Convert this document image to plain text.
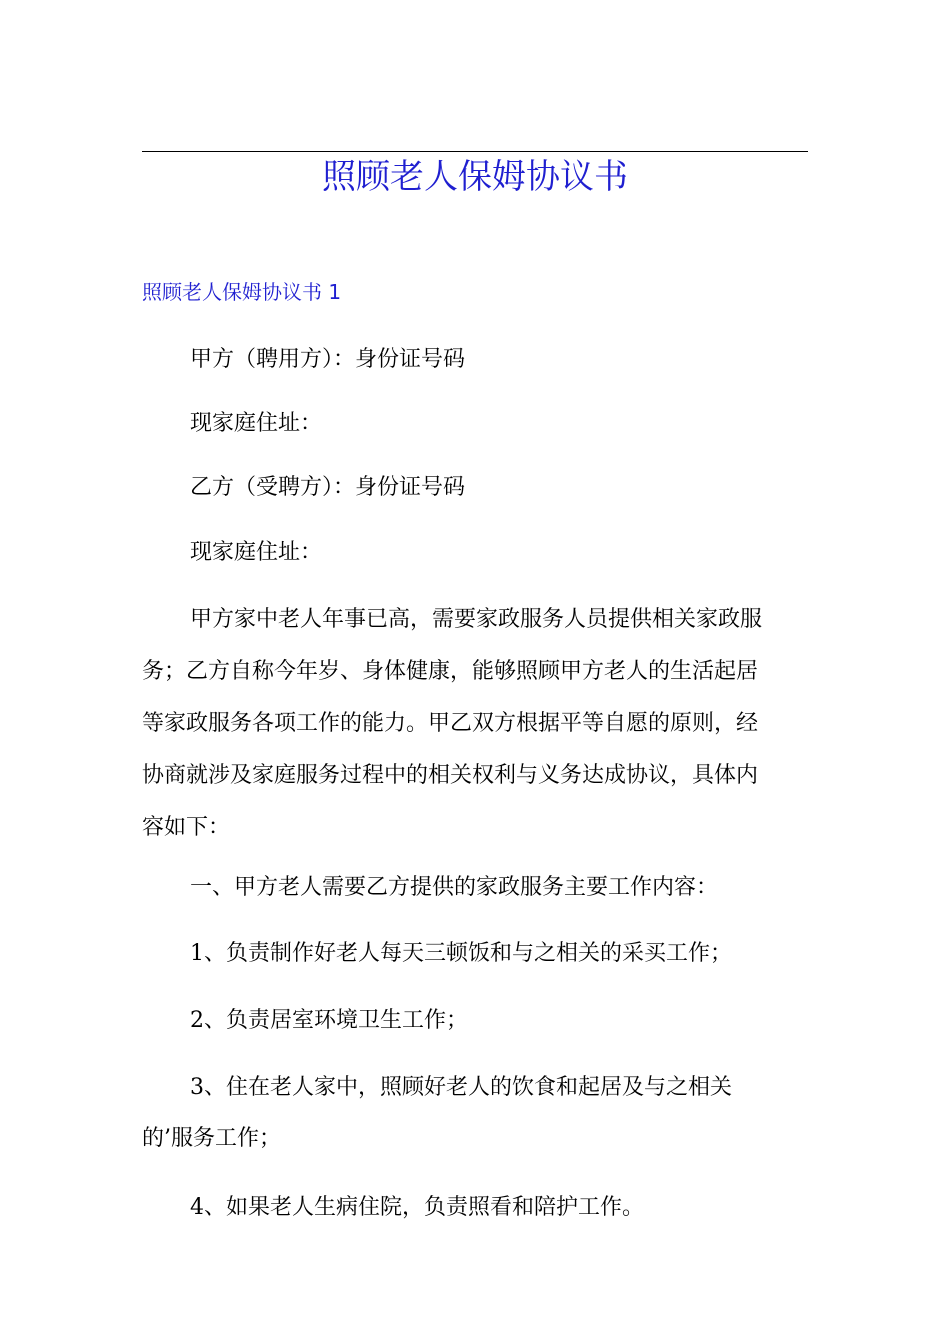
照顾老人保姆协议书
照顾老人保姆协议书 1
甲方（聘用方）：身份证号码
现家庭住址：
乙方（受聘方）：身份证号码
现家庭住址：
甲方家中老人年事已高，需要家政服务人员提供相关家政服
务；乙方自称今年岁、身体健康，能够照顾甲方老人的生活起居
等家政服务各项工作的能力。甲乙双方根据平等自愿的原则，经
协商就涉及家庭服务过程中的相关权利与义务达成协议，具体内
容如下：
一、甲方老人需要乙方提供的家政服务主要工作内容：
1、负责制作好老人每天三顿饭和与之相关的采买工作；
2、负责居室环境卫生工作；
3、住在老人家中，照顾好老人的饮食和起居及与之相关
的’服务工作；
4、如果老人生病住院，负责照看和陪护工作。
